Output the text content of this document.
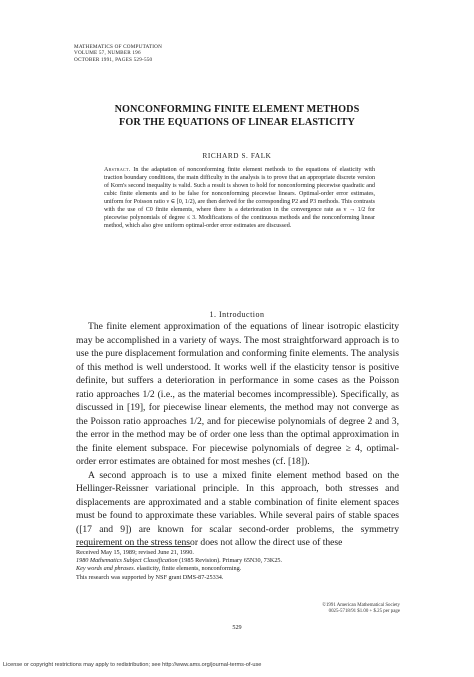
MATHEMATICS OF COMPUTATION
VOLUME 57, NUMBER 196
OCTOBER 1991, PAGES 529-550
NONCONFORMING FINITE ELEMENT METHODS
FOR THE EQUATIONS OF LINEAR ELASTICITY
RICHARD S. FALK
Abstract. In the adaptation of nonconforming finite element methods to the equations of elasticity with traction boundary conditions, the main difficulty in the analysis is to prove that an appropriate discrete version of Korn's second inequality is valid. Such a result is shown to hold for nonconforming piecewise quadratic and cubic finite elements and to be false for nonconforming piecewise linears. Optimal-order error estimates, uniform for Poisson ratio ν ∈ [0, 1/2), are then derived for the corresponding P2 and P3 methods. This contrasts with the use of C0 finite elements, where there is a deterioration in the convergence rate as ν → 1/2 for piecewise polynomials of degree ≤ 3. Modifications of the continuous methods and the nonconforming linear method, which also give uniform optimal-order error estimates are discussed.
1. Introduction

The finite element approximation of the equations of linear isotropic elasticity may be accomplished in a variety of ways. The most straightforward approach is to use the pure displacement formulation and conforming finite elements. The analysis of this method is well understood. It works well if the elasticity tensor is positive definite, but suffers a deterioration in performance in some cases as the Poisson ratio approaches 1/2 (i.e., as the material becomes incompressible). Specifically, as discussed in [19], for piecewise linear elements, the method may not converge as the Poisson ratio approaches 1/2, and for piecewise polynomials of degree 2 and 3, the error in the method may be of order one less than the optimal approximation in the finite element subspace. For piecewise polynomials of degree ≥ 4, optimal-order error estimates are obtained for most meshes (cf. [18]).

A second approach is to use a mixed finite element method based on the Hellinger-Reissner variational principle. In this approach, both stresses and displacements are approximated and a stable combination of finite element spaces must be found to approximate these variables. While several pairs of stable spaces ([17 and 9]) are known for scalar second-order problems, the symmetry requirement on the stress tensor does not allow the direct use of these

Received May 15, 1989; revised June 21, 1990.
1980 Mathematics Subject Classification (1985 Revision). Primary 65N30, 73K25.
Key words and phrases. elasticity, finite elements, nonconforming.
This research was supported by NSF grant DMS-87-25334.
©1991 American Mathematical Society
0025-5718/91 $1.00 + $.25 per page
529
License or copyright restrictions may apply to redistribution; see http://www.ams.org/journal-terms-of-use
